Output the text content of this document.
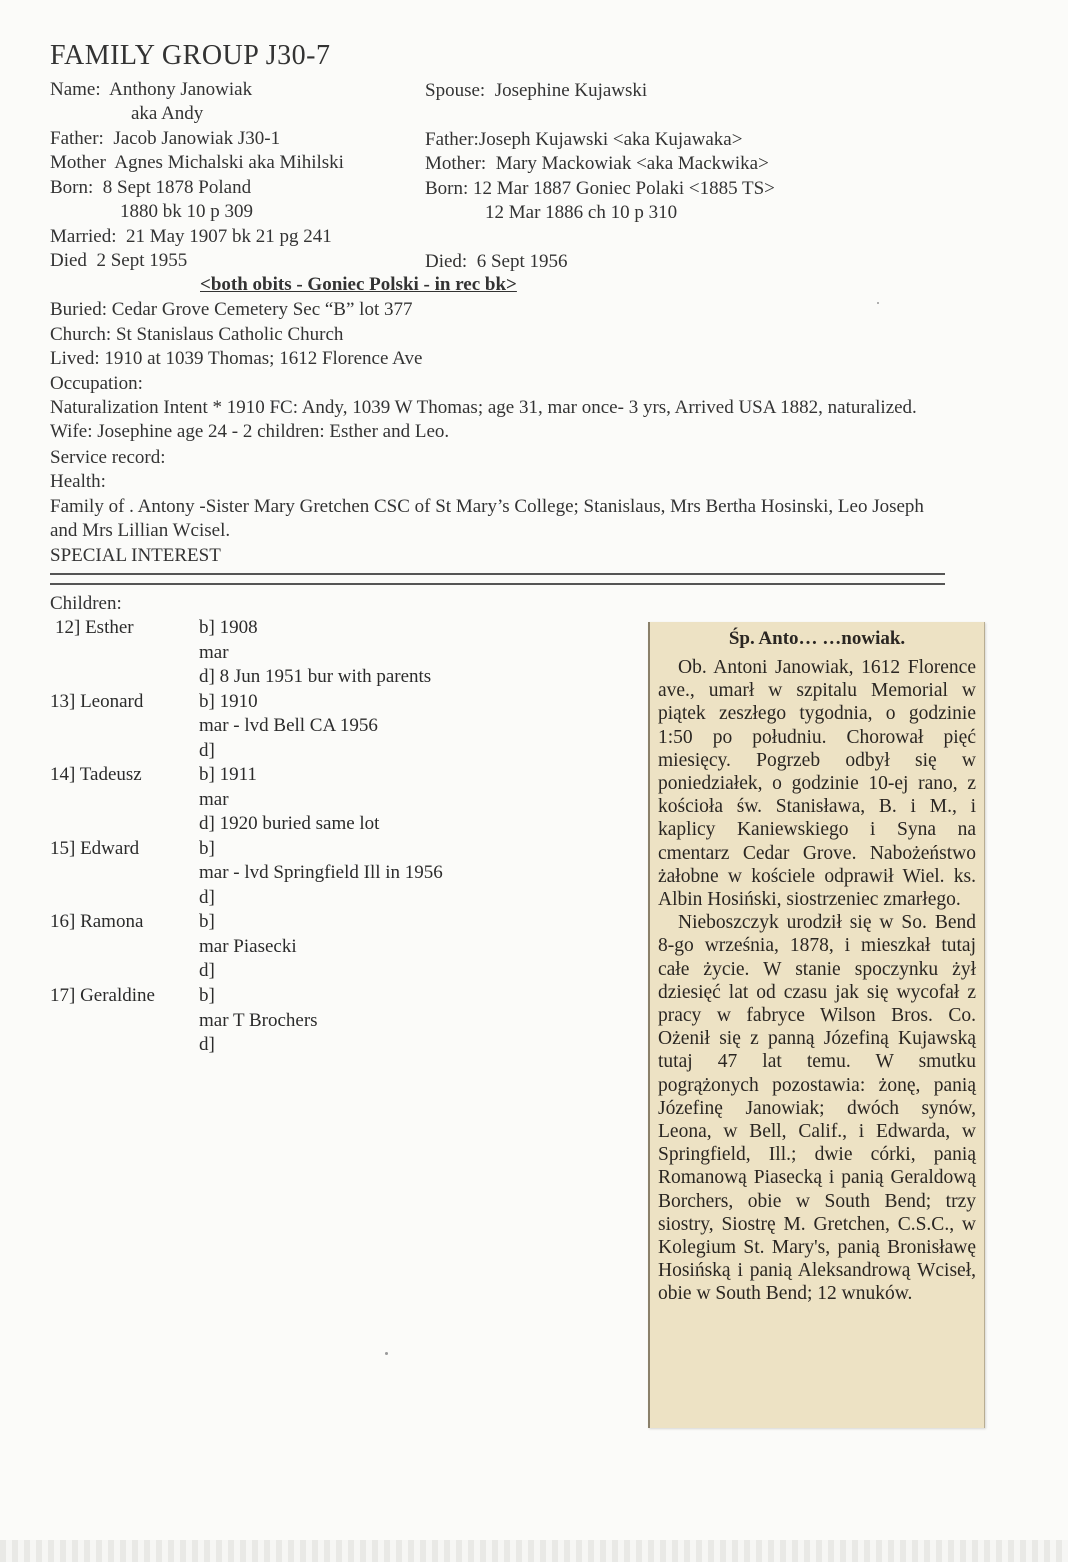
FAMILY GROUP J30-7
Name: Anthony Janowiak
aka Andy
Father: Jacob Janowiak J30-1
Mother Agnes Michalski aka Mihilski
Born: 8 Sept 1878 Poland
1880 bk 10 p 309
Married: 21 May 1907 bk 21 pg 241
Died 2 Sept 1955
Spouse: Josephine Kujawski
Father:Joseph Kujawski <aka Kujawaka>
Mother: Mary Mackowiak <aka Mackwika>
Born: 12 Mar 1887 Goniec Polaki <1885 TS>
12 Mar 1886 ch 10 p 310
Died: 6 Sept 1956
<both obits - Goniec Polski - in rec bk>
Buried: Cedar Grove Cemetery Sec “B” lot 377
Church: St Stanislaus Catholic Church
Lived: 1910 at 1039 Thomas; 1612 Florence Ave
Occupation:
Naturalization Intent * 1910 FC: Andy, 1039 W Thomas; age 31, mar once- 3 yrs, Arrived USA 1882, naturalized. Wife: Josephine age 24 - 2 children: Esther and Leo.
Service record:
Health:
Family of . Antony -Sister Mary Gretchen CSC of St Mary’s College; Stanislaus, Mrs Bertha Hosinski, Leo Joseph and Mrs Lillian Wcisel.
SPECIAL INTEREST
Children:
12] Esther	b] 1908
mar
d] 8 Jun 1951 bur with parents
13] Leonard	b] 1910
mar - lvd Bell CA 1956
d]
14] Tadeusz	b] 1911
mar
d] 1920 buried same lot
15] Edward	b]
mar - lvd Springfield Ill in 1956
d]
16] Ramona	b]
mar Piasecki
d]
17] Geraldine b]
mar T Brochers
d]
Śp. Anto… …nowiak.

Ob. Antoni Janowiak, 1612 Florence ave., umarł w szpitalu Memorial w piątek zeszłego tygodnia, o godzinie 1:50 po południu. Chorował pięć miesięcy. Pogrzeb odbył się w poniedziałek, o godzinie 10-ej rano, z kościoła św. Stanisława, B. i M., i kaplicy Kaniewskiego i Syna na cmentarz Cedar Grove. Nabożeństwo żałobne w kościele odprawił Wiel. ks. Albin Hosiński, siostrzeniec zmarłego.

Nieboszczyk urodził się w So. Bend 8-go września, 1878, i mieszkał tutaj całe życie. W stanie spoczynku żył dziesięć lat od czasu jak się wycofał z pracy w fabryce Wilson Bros. Co. Ożenił się z panną Józefiną Kujawską tutaj 47 lat temu. W smutku pogrążonych pozostawia: żonę, panią Józefinę Janowiak; dwóch synów, Leona, w Bell, Calif., i Edwarda, w Springfield, Ill.; dwie córki, panią Romanową Piasecką i panią Geraldową Borchers, obie w South Bend; trzy siostry, Siostrę M. Gretchen, C.S.C., w Kolegium St. Mary's, panią Bronisławę Hosińską i panią Aleksandrową Wciseł, obie w South Bend; 12 wnuków.
